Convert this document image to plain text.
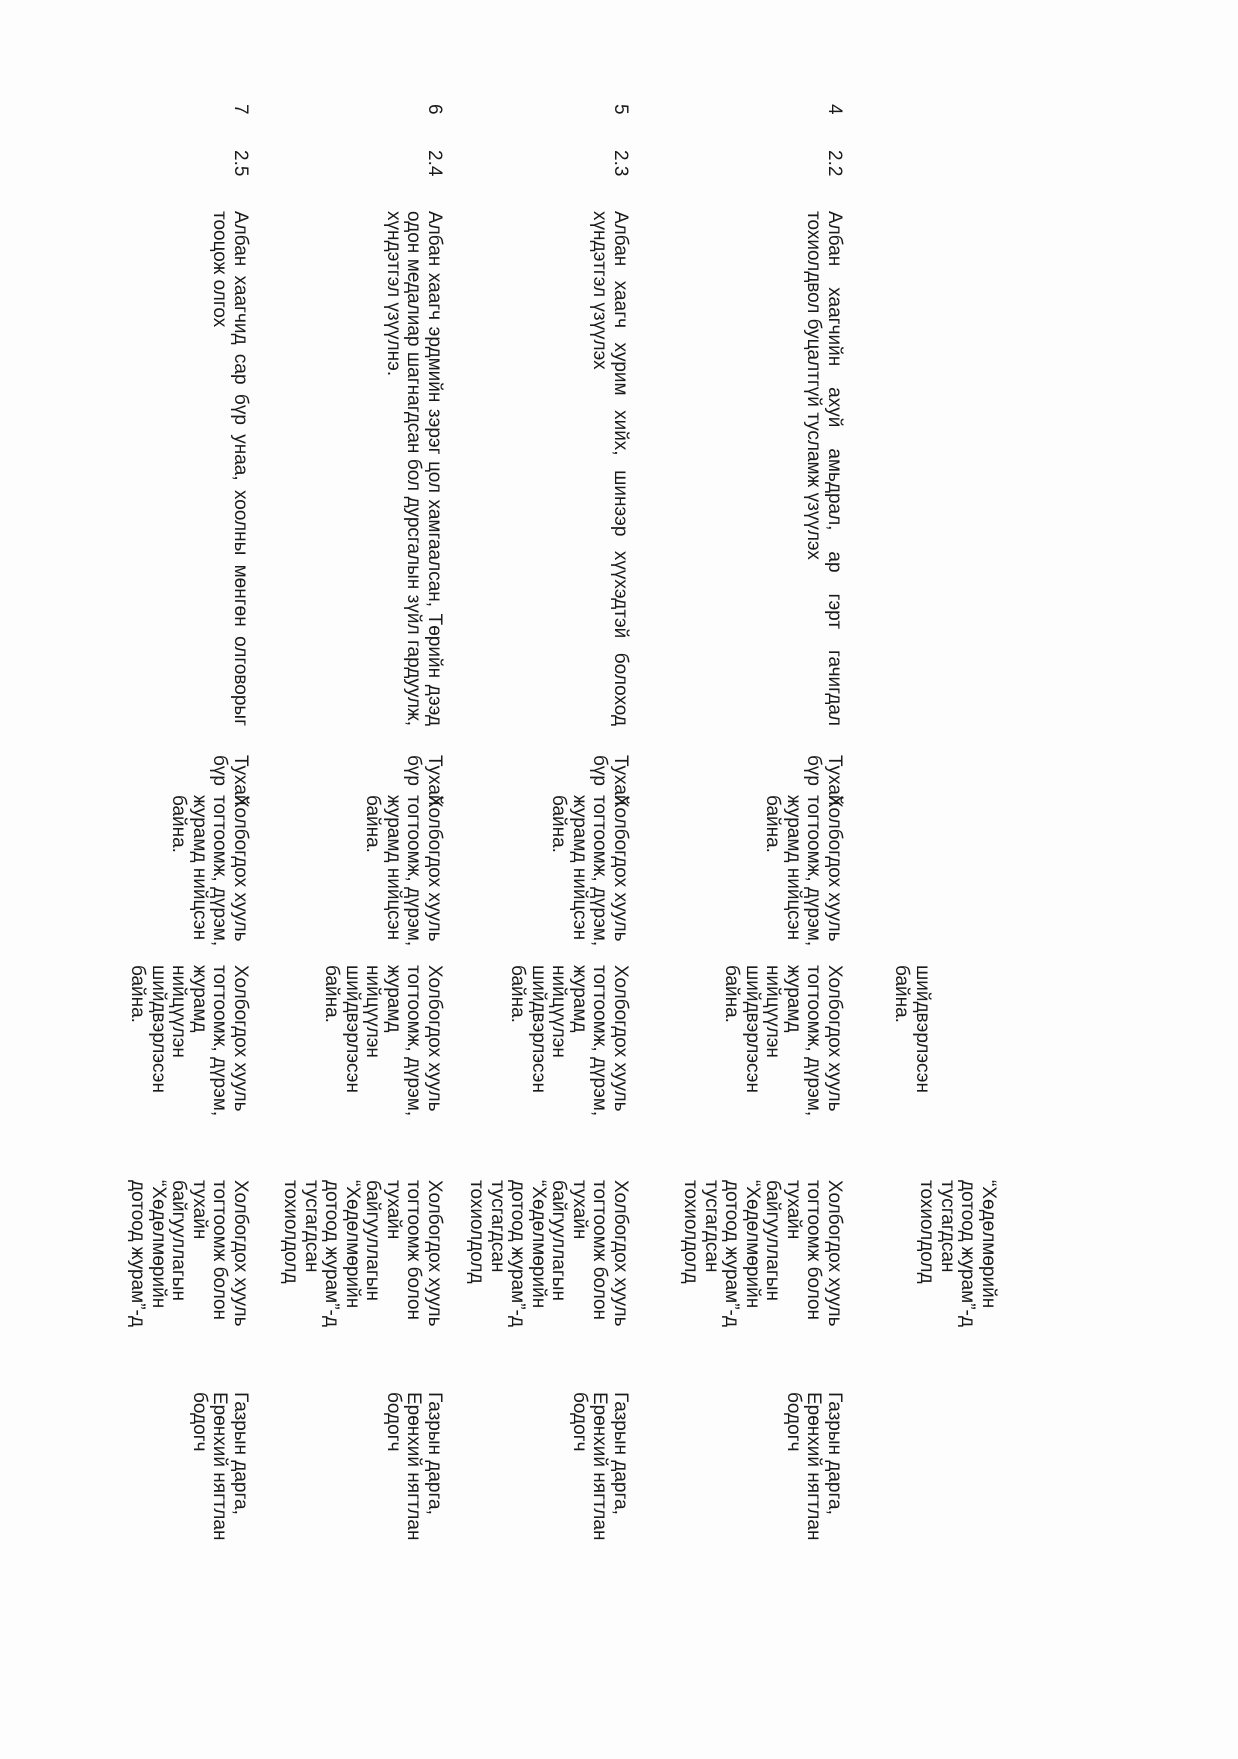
шийдвэрлэсэн
байна.
“Хөдөлмөрийн
дотоод журам”-д
тусгагдсан
тохиолдолд
4
2.2
Албан хаагчийн ахуй амьдрал, ар гэрт гачигдал тохиолдвол буцалтгүй тусламж үзүүлэх
Тухай
бүр
Холбогдох хууль
тогтоомж, дүрэм,
журамд нийцсэн
байна.
Холбогдох хууль
тогтоомж, дүрэм,
журамд
нийцүүлэн
шийдвэрлэсэн
байна.
Холбогдох хууль
тогтоомж болон
тухайн
байгууллагын
“Хөдөлмөрийн
дотоод журам”-д
тусгагдсан
тохиолдолд
Газрын дарга,
Ерөнхий нягтлан
бодогч
5
2.3
Албан хаагч хурим хийх, шинээр хүүхэдтэй болоход хүндэтгэл үзүүлэх
Тухай
бүр
Холбогдох хууль
тогтоомж, дүрэм,
журамд нийцсэн
байна.
Холбогдох хууль
тогтоомж, дүрэм,
журамд
нийцүүлэн
шийдвэрлэсэн
байна.
Холбогдох хууль
тогтоомж болон
тухайн
байгууллагын
“Хөдөлмөрийн
дотоод журам”-д
тусгагдсан
тохиолдолд
Газрын дарга,
Ерөнхий нягтлан
бодогч
6
2.4
Албан хаагч эрдмийн зэрэг цол хамгаалсан, Төрийн дээд одон медалиар шагнагдсан бол дурсгалын зүйл гардуулж, хүндэтгэл үзүүлнэ.
Тухай
бүр
Холбогдох хууль
тогтоомж, дүрэм,
журамд нийцсэн
байна.
Холбогдох хууль
тогтоомж, дүрэм,
журамд
нийцүүлэн
шийдвэрлэсэн
байна.
Холбогдох хууль
тогтоомж болон
тухайн
байгууллагын
“Хөдөлмөрийн
дотоод журам”-д
тусгагдсан
тохиолдолд
Газрын дарга,
Ерөнхий нягтлан
бодогч
7
2.5
Албан хаагчид сар бүр унаа, хоолны мөнгөн олговорыг тооцож олгох
Тухай
бүр
Холбогдох хууль
тогтоомж, дүрэм,
журамд нийцсэн
байна.
Холбогдох хууль
тогтоомж, дүрэм,
журамд
нийцүүлэн
шийдвэрлэсэн
байна.
Холбогдох хууль
тогтоомж болон
тухайн
байгууллагын
“Хөдөлмөрийн
дотоод журам”-д
Газрын дарга,
Ерөнхий нягтлан
бодогч
